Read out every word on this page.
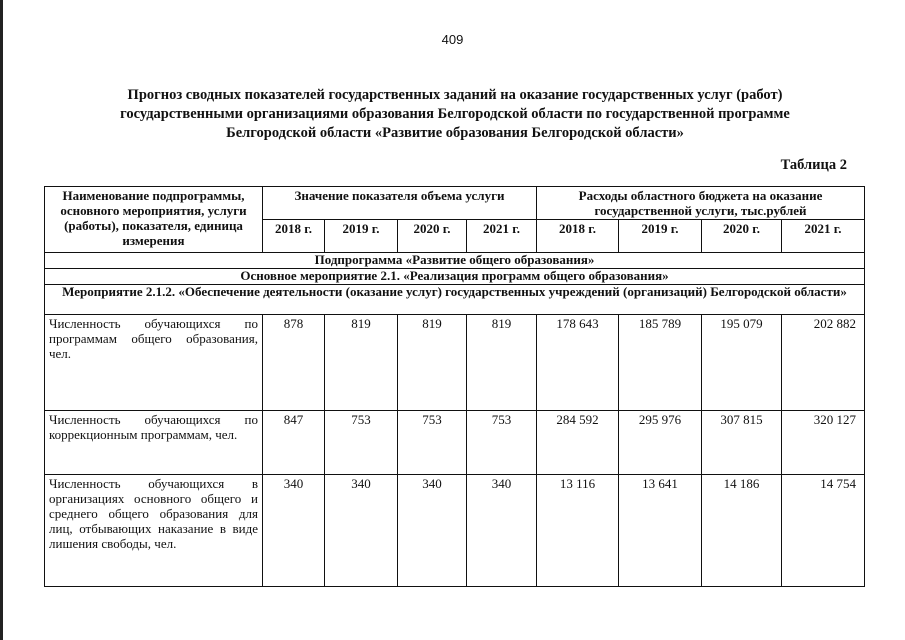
409
Прогноз сводных показателей государственных заданий на оказание государственных услуг (работ)
государственными организациями образования Белгородской области по государственной программе
Белгородской области «Развитие образования Белгородской области»
Таблица 2
Наименование подпрограммы, основного мероприятия, услуги (работы), показателя, единица измерения	Значение показателя объема услуги				Расходы областного бюджета на оказание государственной услуги, тыс.рублей			
	2018 г.	2019 г.	2020 г.	2021 г.	2018 г.	2019 г.	2020 г.	2021 г.
Подпрограмма «Развитие общего образования»								
Основное мероприятие 2.1. «Реализация программ общего образования»								
Мероприятие 2.1.2. «Обеспечение деятельности (оказание услуг) государственных учреждений (организаций) Белгородской области»								
Численность обучающихся по программам общего образования, чел.	878	819	819	819	178 643	185 789	195 079	202 882
Численность обучающихся по коррекционным программам, чел.	847	753	753	753	284 592	295 976	307 815	320 127
Численность обучающихся в организациях основного общего и среднего общего образования для лиц, отбывающих наказание в виде лишения свободы, чел.	340	340	340	340	13 116	13 641	14 186	14 754
